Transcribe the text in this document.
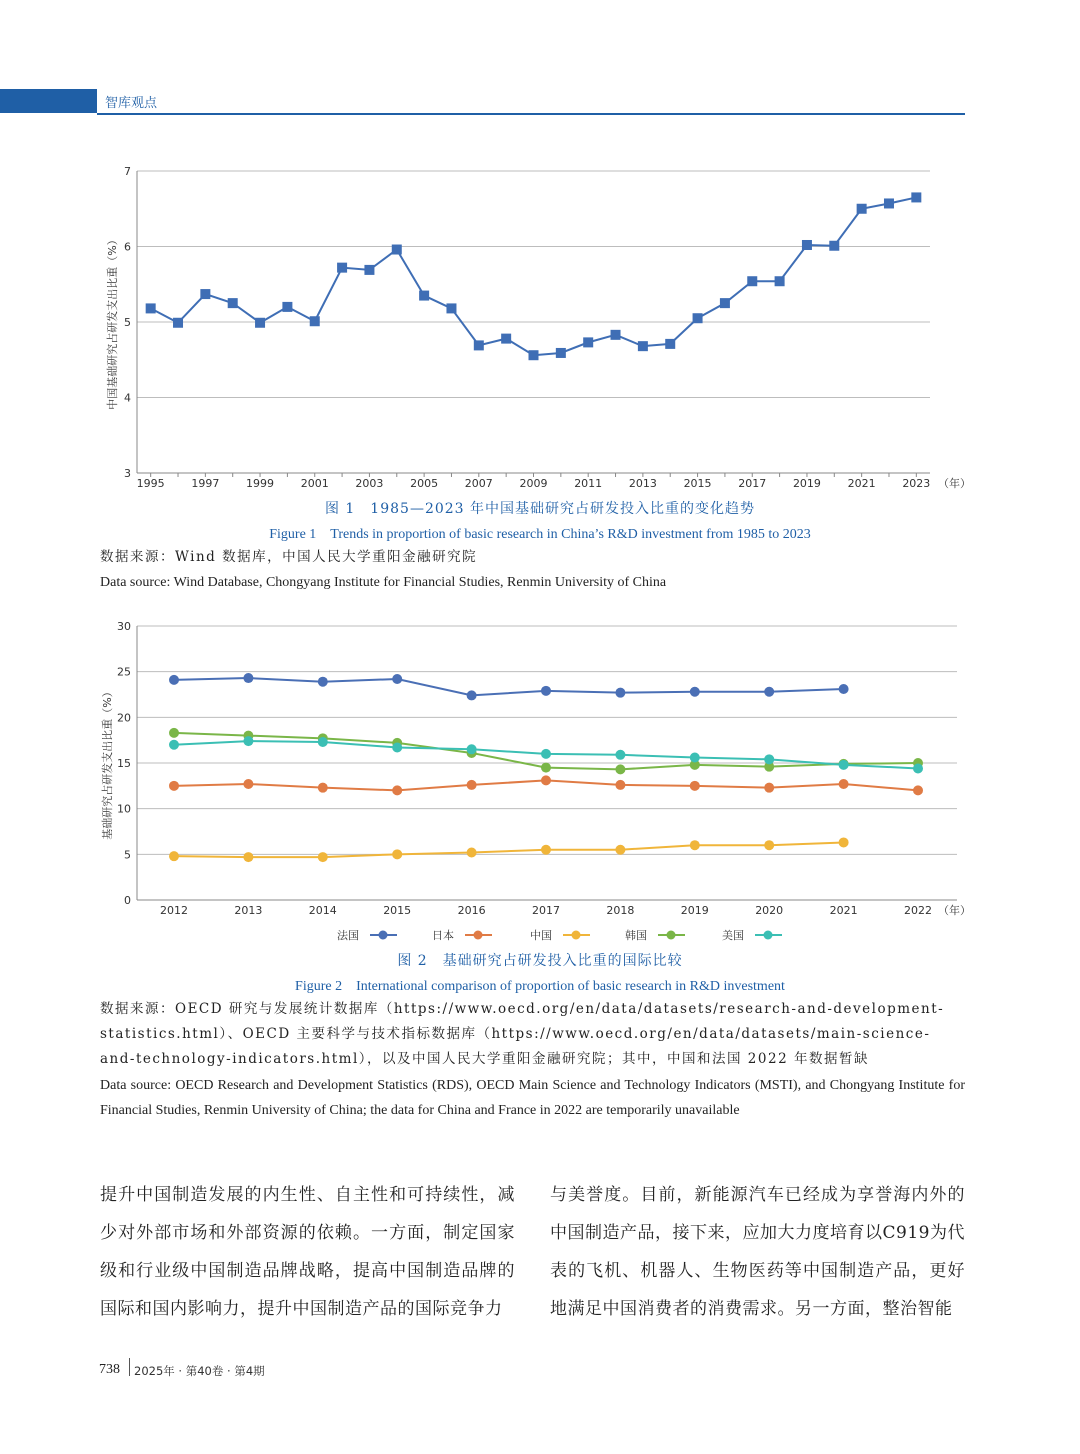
智库观点
3
4
5
6
7
1995 1997 1999 2001 2003 2005 2007 2009 2011 2013 2015 2017 2019 2021 2023 （年）
中国基础研究占研发支出比重（%）
图 1　1985—2023 年中国基础研究占研发投入比重的变化趋势
Figure 1　Trends in proportion of basic research in China’s R&D investment from 1985 to 2023
数据来源：Wind 数据库，中国人民大学重阳金融研究院
Data source: Wind Database, Chongyang Institute for Financial Studies, Renmin University of China
0
5
10
15
20
25
30
2012	2013	2014	2015	2016	2017	2018	2019	2020	2021	2022 （年）
基础研究占研发支出比重（%）
法国	日本	中国	韩国	美国
图 2　基础研究占研发投入比重的国际比较
Figure 2　International comparison of proportion of basic research in R&D investment
数据来源：OECD 研究与发展统计数据库（https://www.oecd.org/en/data/datasets/research-and-development-statistics.html）、OECD 主要科学与技术指标数据库（https://www.oecd.org/en/data/datasets/main-science-and-technology-indicators.html），以及中国人民大学重阳金融研究院；其中，中国和法国 2022 年数据暂缺
Data source: OECD Research and Development Statistics (RDS), OECD Main Science and Technology Indicators (MSTI), and Chongyang Institute for Financial Studies, Renmin University of China; the data for China and France in 2022 are temporarily unavailable
提升中国制造发展的内生性、自主性和可持续性，减少对外部市场和外部资源的依赖。一方面，制定国家级和行业级中国制造品牌战略，提高中国制造品牌的国际和国内影响力，提升中国制造产品的国际竞争力
与美誉度。目前，新能源汽车已经成为享誉海内外的中国制造产品，接下来，应加大力度培育以C919为代表的飞机、机器人、生物医药等中国制造产品，更好地满足中国消费者的消费需求。另一方面，整治智能
738 2025年 · 第40卷 · 第4期
